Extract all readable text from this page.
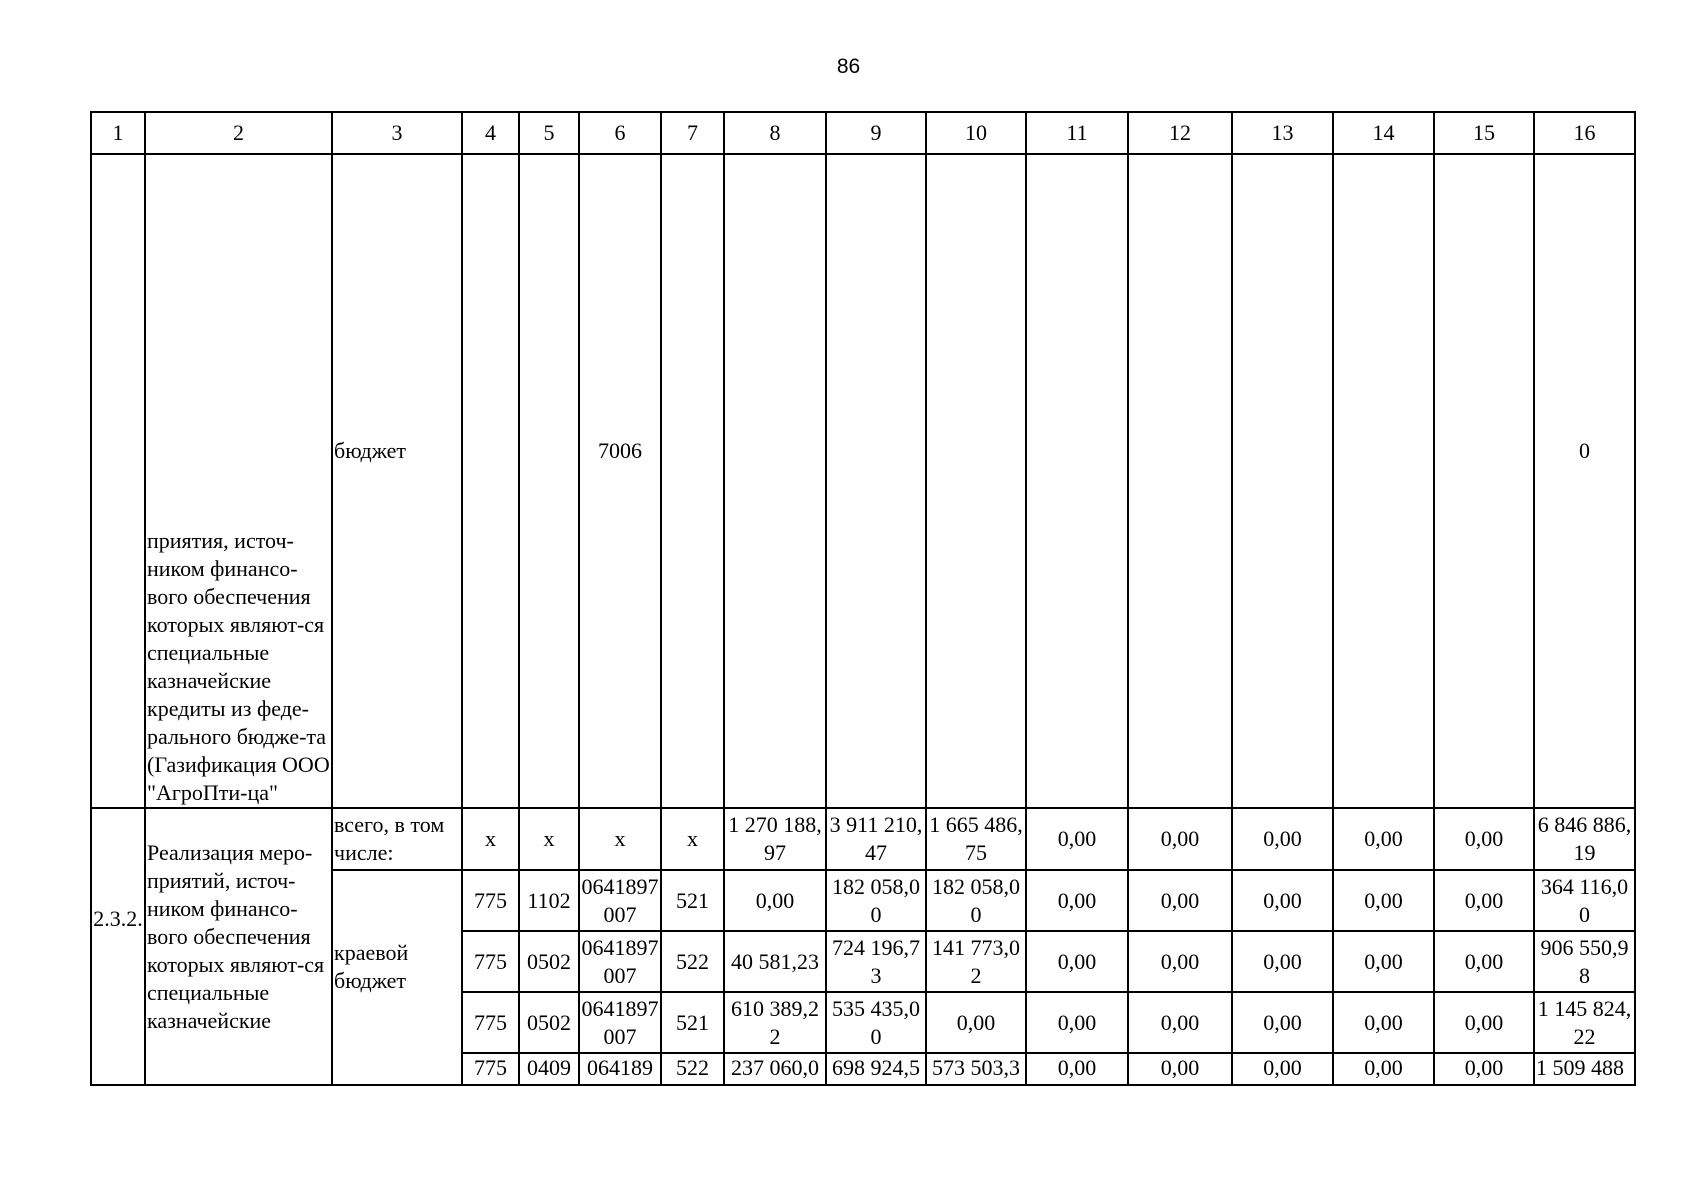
86
1	2	3	4	5	6	7	8	9	10	11	12	13	14	15	16
	приятия, источ-ником финансо-вого обеспечения которых являют-ся специальные казначейские кредиты из феде-рального бюдже-та (Газификация ООО "АгроПти-ца"	бюджет			7006										0

2.3.2.	Реализация меро-приятий, источ-ником финансо-вого обеспечения которых являют-ся специальные казначейские	всего, в том числе:	x	x	x	x	1 270 188,97	3 911 210,47	1 665 486,75	0,00	0,00	0,00	0,00	0,00	6 846 886,19
		краевой бюджет	775	1102	0641897007	521	0,00	182 058,00	182 058,00	0,00	0,00	0,00	0,00	0,00	364 116,00
			775	0502	0641897007	522	40 581,23	724 196,73	141 773,02	0,00	0,00	0,00	0,00	0,00	906 550,98
			775	0502	0641897007	521	610 389,22	535 435,00	0,00	0,00	0,00	0,00	0,00	0,00	1 145 824,22
			775	0409	064189	522	237 060,0	698 924,5	573 503,3	0,00	0,00	0,00	0,00	0,00	1 509 488
